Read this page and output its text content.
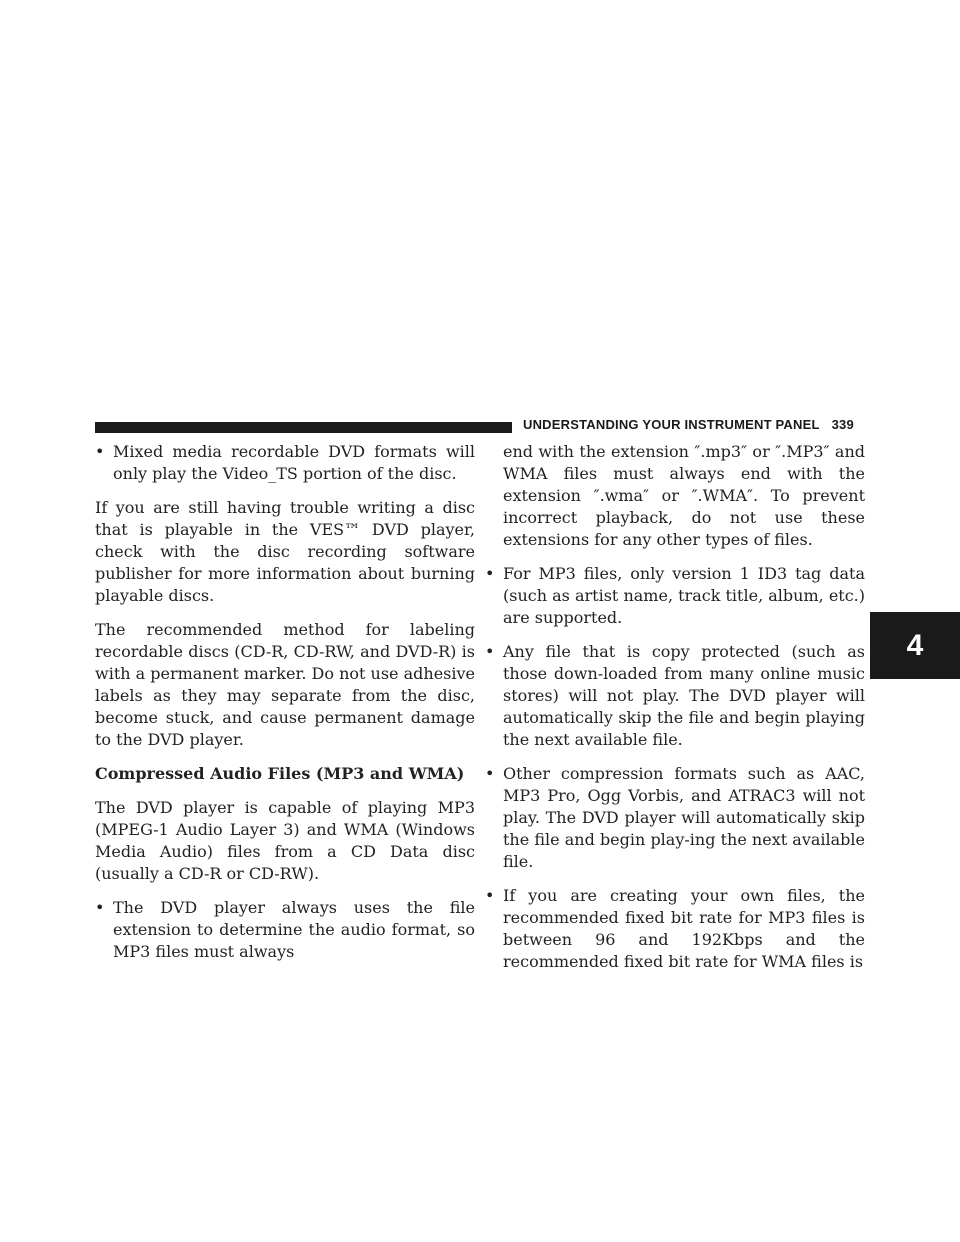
UNDERSTANDING YOUR INSTRUMENT PANEL 339
4

• Mixed media recordable DVD formats will only play the Video_TS portion of the disc.

If you are still having trouble writing a disc that is playable in the VES™ DVD player, check with the disc recording software publisher for more information about burning playable discs.

The recommended method for labeling recordable discs (CD-R, CD-RW, and DVD-R) is with a permanent marker. Do not use adhesive labels as they may separate from the disc, become stuck, and cause permanent damage to the DVD player.

Compressed Audio Files (MP3 and WMA)

The DVD player is capable of playing MP3 (MPEG-1 Audio Layer 3) and WMA (Windows Media Audio) files from a CD Data disc (usually a CD-R or CD-RW).

• The DVD player always uses the file extension to determine the audio format, so MP3 files must always

end with the extension ″.mp3″ or ″.MP3″ and WMA files must always end with the extension ″.wma″ or ″.WMA″. To prevent incorrect playback, do not use these extensions for any other types of files.

• For MP3 files, only version 1 ID3 tag data (such as artist name, track title, album, etc.) are supported.

• Any file that is copy protected (such as those down-loaded from many online music stores) will not play. The DVD player will automatically skip the file and begin playing the next available file.

• Other compression formats such as AAC, MP3 Pro, Ogg Vorbis, and ATRAC3 will not play. The DVD player will automatically skip the file and begin play-ing the next available file.

• If you are creating your own files, the recommended fixed bit rate for MP3 files is between 96 and 192Kbps and the recommended fixed bit rate for WMA files is
